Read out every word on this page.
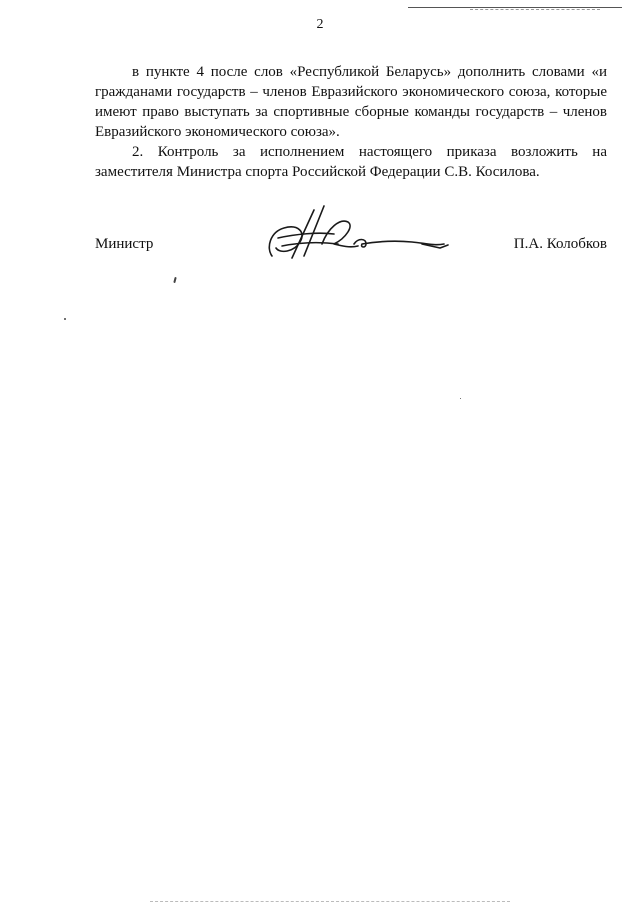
2

в пункте 4 после слов «Республикой Беларусь» дополнить словами «и гражданами государств – членов Евразийского экономического союза, которые имеют право выступать за спортивные сборные команды государств – членов Евразийского экономического союза».

2. Контроль за исполнением настоящего приказа возложить на заместителя Министра спорта Российской Федерации С.В. Косилова.

Министр	П.А. Колобков
